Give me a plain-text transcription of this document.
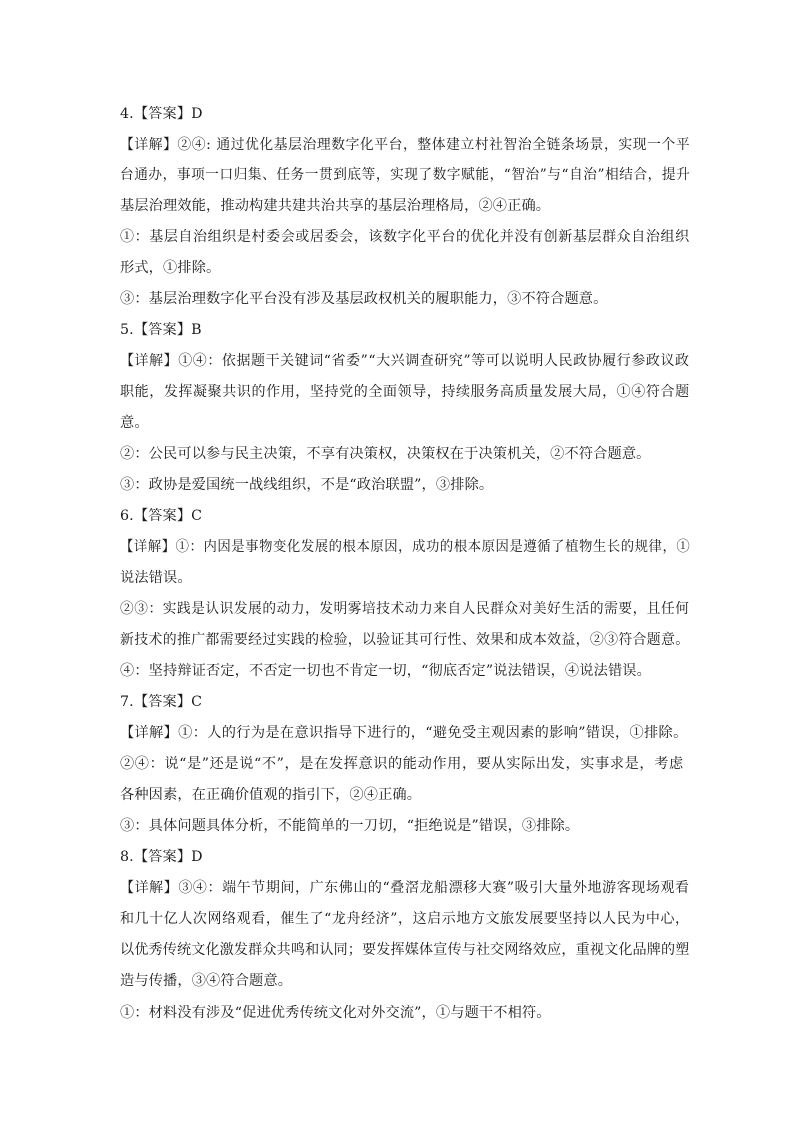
4.【答案】D
【详解】②④: 通过优化基层治理数字化平台，整体建立村社智治全链条场景，实现一个平
台通办，事项一口归集、任务一贯到底等，实现了数字赋能，“智治”与“自治”相结合，提升
基层治理效能，推动构建共建共治共享的基层治理格局，②④正确。
①：基层自治组织是村委会或居委会，该数字化平台的优化并没有创新基层群众自治组织
形式，①排除。
③：基层治理数字化平台没有涉及基层政权机关的履职能力，③不符合题意。
5.【答案】B
【详解】①④：依据题干关键词“省委”“大兴调查研究”等可以说明人民政协履行参政议政
职能，发挥凝聚共识的作用，坚持党的全面领导，持续服务高质量发展大局，①④符合题
意。
②：公民可以参与民主决策，不享有决策权，决策权在于决策机关，②不符合题意。
③：政协是爱国统一战线组织，不是“政治联盟”，③排除。
6.【答案】C
【详解】①：内因是事物变化发展的根本原因，成功的根本原因是遵循了植物生长的规律，①
说法错误。
②③：实践是认识发展的动力，发明雾培技术动力来自人民群众对美好生活的需要，且任何
新技术的推广都需要经过实践的检验，以验证其可行性、效果和成本效益，②③符合题意。
④：坚持辩证否定，不否定一切也不肯定一切，“彻底否定”说法错误，④说法错误。
7.【答案】C
【详解】①：人的行为是在意识指导下进行的，“避免受主观因素的影响”错误，①排除。
②④：说“是”还是说“不”，是在发挥意识的能动作用，要从实际出发，实事求是，考虑
各种因素，在正确价值观的指引下，②④正确。
③：具体问题具体分析，不能简单的一刀切，“拒绝说是”错误，③排除。
8.【答案】D
【详解】③④：端午节期间，广东佛山的“叠滘龙船漂移大赛”吸引大量外地游客现场观看
和几十亿人次网络观看，催生了“龙舟经济”，这启示地方文旅发展要坚持以人民为中心，
以优秀传统文化激发群众共鸣和认同；要发挥媒体宣传与社交网络效应，重视文化品牌的塑
造与传播，③④符合题意。
①：材料没有涉及“促进优秀传统文化对外交流”，①与题干不相符。
